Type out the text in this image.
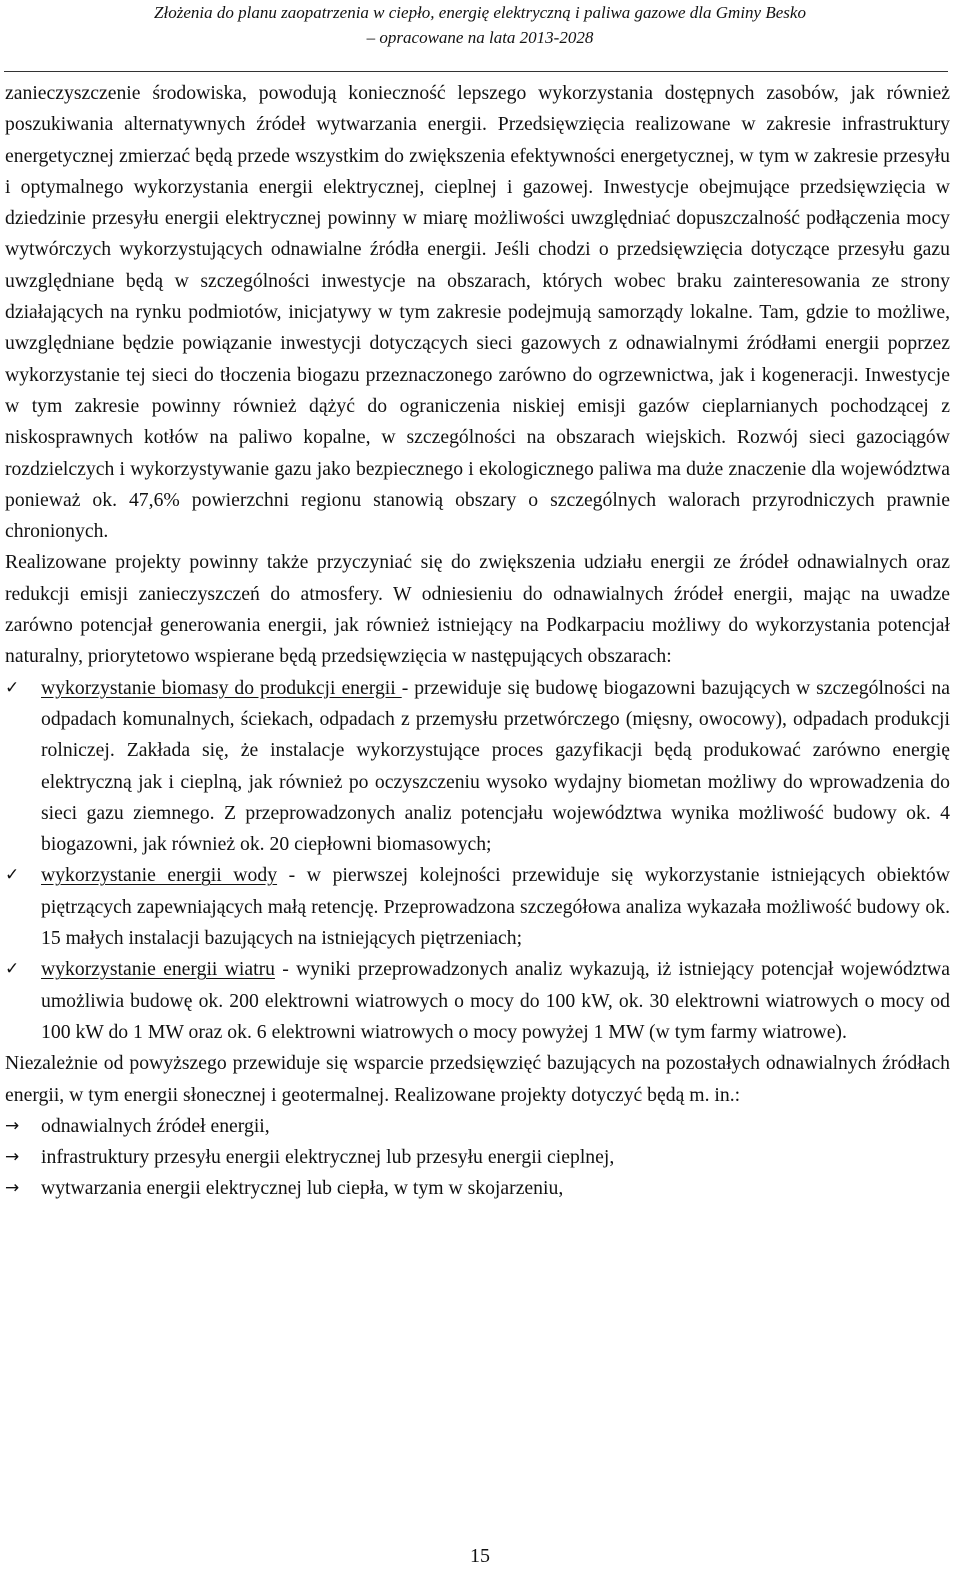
Złożenia do planu zaopatrzenia w ciepło, energię elektryczną i paliwa gazowe dla Gminy Besko
– opracowane na lata 2013-2028

zanieczyszczenie środowiska, powodują konieczność lepszego wykorzystania dostępnych zasobów, jak również poszukiwania alternatywnych źródeł wytwarzania energii. Przedsięwzięcia realizowane w zakresie infrastruktury energetycznej zmierzać będą przede wszystkim do zwiększenia efektywności energetycznej, w tym w zakresie przesyłu i optymalnego wykorzystania energii elektrycznej, cieplnej i gazowej. Inwestycje obejmujące przedsięwzięcia w dziedzinie przesyłu energii elektrycznej powinny w miarę możliwości uwzględniać dopuszczalność podłączenia mocy wytwórczych wykorzystujących odnawialne źródła energii. Jeśli chodzi o przedsięwzięcia dotyczące przesyłu gazu uwzględniane będą w szczególności inwestycje na obszarach, których wobec braku zainteresowania ze strony działających na rynku podmiotów, inicjatywy w tym zakresie podejmują samorządy lokalne. Tam, gdzie to możliwe, uwzględniane będzie powiązanie inwestycji dotyczących sieci gazowych z odnawialnymi źródłami energii poprzez wykorzystanie tej sieci do tłoczenia biogazu przeznaczonego zarówno do ogrzewnictwa, jak i kogeneracji. Inwestycje w tym zakresie powinny również dążyć do ograniczenia niskiej emisji gazów cieplarnianych pochodzącej z niskosprawnych kotłów na paliwo kopalne, w szczególności na obszarach wiejskich. Rozwój sieci gazociągów rozdzielczych i wykorzystywanie gazu jako bezpiecznego i ekologicznego paliwa ma duże znaczenie dla województwa ponieważ ok. 47,6% powierzchni regionu stanowią obszary o szczególnych walorach przyrodniczych prawnie chronionych.

Realizowane projekty powinny także przyczyniać się do zwiększenia udziału energii ze źródeł odnawialnych oraz redukcji emisji zanieczyszczeń do atmosfery. W odniesieniu do odnawialnych źródeł energii, mając na uwadze zarówno potencjał generowania energii, jak również istniejący na Podkarpaciu możliwy do wykorzystania potencjał naturalny, priorytetowo wspierane będą przedsięwzięcia w następujących obszarach:

✓	wykorzystanie biomasy do produkcji energii - przewiduje się budowę biogazowni bazujących w szczególności na odpadach komunalnych, ściekach, odpadach z przemysłu przetwórczego (mięsny, owocowy), odpadach produkcji rolniczej. Zakłada się, że instalacje wykorzystujące proces gazyfikacji będą produkować zarówno energię elektryczną jak i cieplną, jak również po oczyszczeniu wysoko wydajny biometan możliwy do wprowadzenia do sieci gazu ziemnego. Z przeprowadzonych analiz potencjału województwa wynika możliwość budowy ok. 4 biogazowni, jak również ok. 20 ciepłowni biomasowych;
✓	wykorzystanie energii wody - w pierwszej kolejności przewiduje się wykorzystanie istniejących obiektów piętrzących zapewniających małą retencję. Przeprowadzona szczegółowa analiza wykazała możliwość budowy ok. 15 małych instalacji bazujących na istniejących piętrzeniach;
✓	wykorzystanie energii wiatru - wyniki przeprowadzonych analiz wykazują, iż istniejący potencjał województwa umożliwia budowę ok. 200 elektrowni wiatrowych o mocy do 100 kW, ok. 30 elektrowni wiatrowych o mocy od 100 kW do 1 MW oraz ok. 6 elektrowni wiatrowych o mocy powyżej 1 MW (w tym farmy wiatrowe).

Niezależnie od powyższego przewiduje się wsparcie przedsięwzięć bazujących na pozostałych odnawialnych źródłach energii, w tym energii słonecznej i geotermalnej. Realizowane projekty dotyczyć będą m. in.:

→	odnawialnych źródeł energii,
→	infrastruktury przesyłu energii elektrycznej lub przesyłu energii cieplnej,
→	wytwarzania energii elektrycznej lub ciepła, w tym w skojarzeniu,
15
